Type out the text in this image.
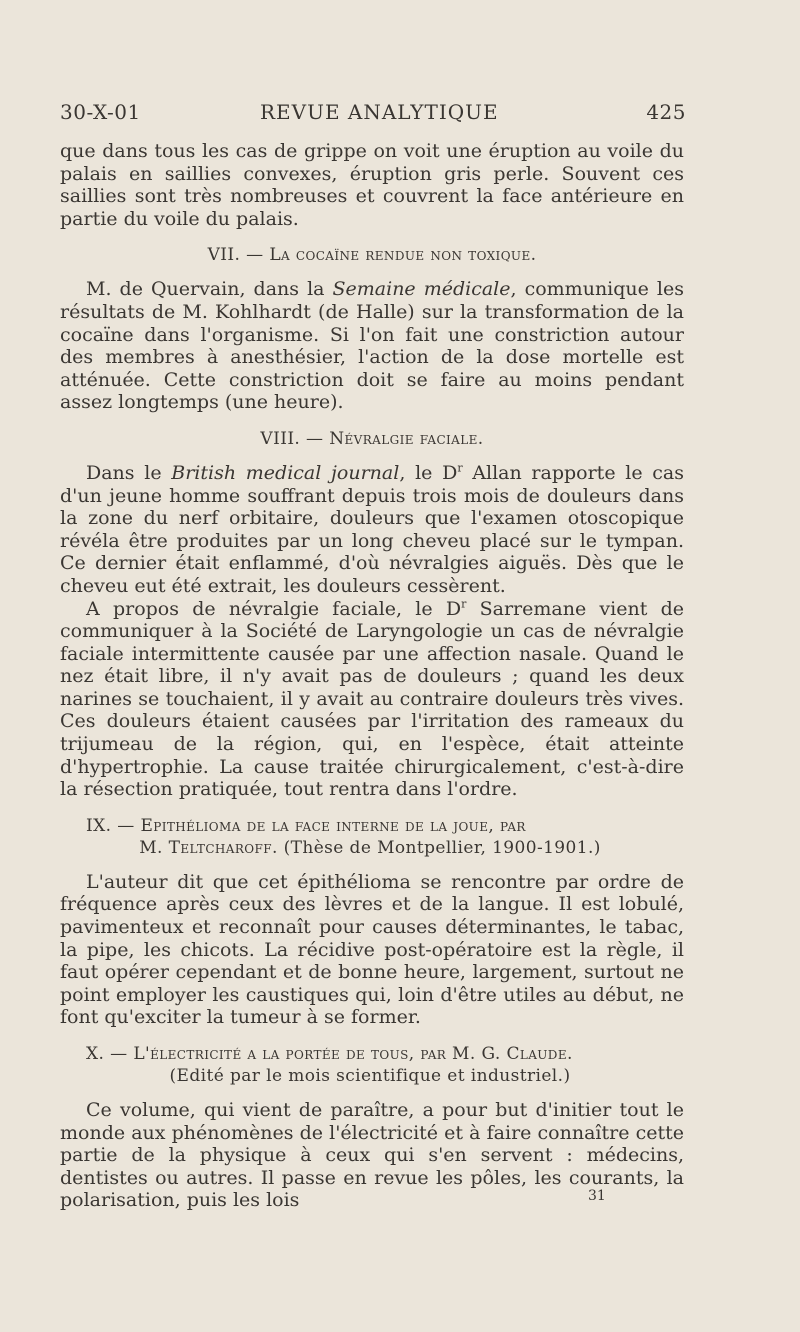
30-X-01	REVUE ANALYTIQUE	425

que dans tous les cas de grippe on voit une éruption au voile du palais en saillies convexes, éruption gris perle. Souvent ces saillies sont très nombreuses et couvrent la face antérieure en partie du voile du palais.

VII. — La cocaïne rendue non toxique.

M. de Quervain, dans la Semaine médicale, communique les résultats de M. Kohlhardt (de Halle) sur la transformation de la cocaïne dans l'organisme. Si l'on fait une constriction autour des membres à anesthésier, l'action de la dose mortelle est atténuée. Cette constriction doit se faire au moins pendant assez longtemps (une heure).

VIII. — Névralgie faciale.

Dans le British medical journal, le $D^r$ Allan rapporte le cas d'un jeune homme souffrant depuis trois mois de douleurs dans la zone du nerf orbitaire, douleurs que l'examen otoscopique révéla être produites par un long cheveu placé sur le tympan. Ce dernier était enflammé, d'où névralgies aiguës. Dès que le cheveu eut été extrait, les douleurs cessèrent.

A propos de névralgie faciale, le $D^r$ Sarremane vient de communiquer à la Société de Laryngologie un cas de névralgie faciale intermittente causée par une affection nasale. Quand le nez était libre, il n'y avait pas de douleurs ; quand les deux narines se touchaient, il y avait au contraire douleurs très vives. Ces douleurs étaient causées par l'irritation des rameaux du trijumeau de la région, qui, en l'espèce, était atteinte d'hypertrophie. La cause traitée chirurgicalement, c'est-à-dire la résection pratiquée, tout rentra dans l'ordre.

IX. — Epithélioma de la face interne de la joue, par
M. Teltcharoff. (Thèse de Montpellier, 1900-1901.)

L'auteur dit que cet épithélioma se rencontre par ordre de fréquence après ceux des lèvres et de la langue. Il est lobulé, pavimenteux et reconnaît pour causes déterminantes, le tabac, la pipe, les chicots. La récidive post-opératoire est la règle, il faut opérer cependant et de bonne heure, largement, surtout ne point employer les caustiques qui, loin d'être utiles au début, ne font qu'exciter la tumeur à se former.

X. — L'électricité a la portée de tous, par M. G. Claude.
(Edité par le mois scientifique et industriel.)

Ce volume, qui vient de paraître, a pour but d'initier tout le monde aux phénomènes de l'électricité et à faire connaître cette partie de la physique à ceux qui s'en servent : médecins, dentistes ou autres. Il passe en revue les pôles, les courants, la polarisation, puis les lois	31
